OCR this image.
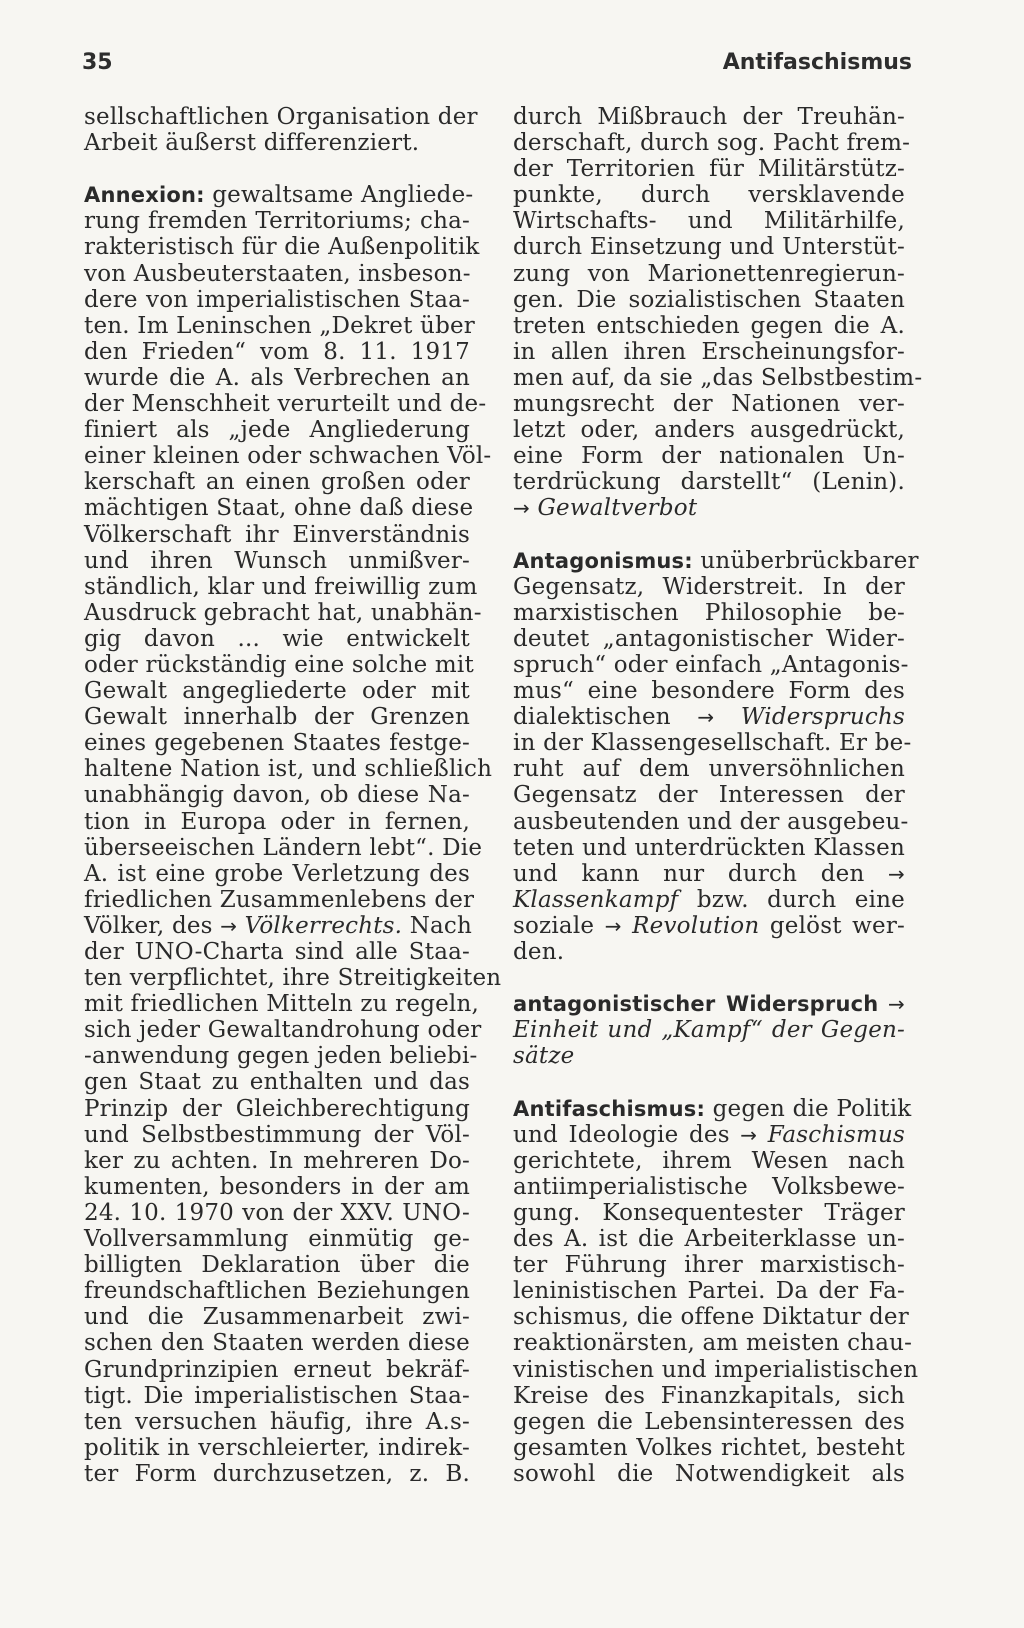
35	Antifaschismus
sellschaftlichen Organisation der
Arbeit äußerst differenziert.
Annexion: gewaltsame Angliede-
rung fremden Territoriums; cha-
rakteristisch für die Außenpolitik
von Ausbeuterstaaten, insbeson-
dere von imperialistischen Staa-
ten. Im Leninschen „Dekret über
den Frieden“ vom 8. 11. 1917
wurde die A. als Verbrechen an
der Menschheit verurteilt und de-
finiert als „jede Angliederung
einer kleinen oder schwachen Völ-
kerschaft an einen großen oder
mächtigen Staat, ohne daß diese
Völkerschaft ihr Einverständnis
und ihren Wunsch unmißver-
ständlich, klar und freiwillig zum
Ausdruck gebracht hat, unabhän-
gig davon ... wie entwickelt
oder rückständig eine solche mit
Gewalt angegliederte oder mit
Gewalt innerhalb der Grenzen
eines gegebenen Staates festge-
haltene Nation ist, und schließlich
unabhängig davon, ob diese Na-
tion in Europa oder in fernen,
überseeischen Ländern lebt“. Die
A. ist eine grobe Verletzung des
friedlichen Zusammenlebens der
Völker, des → Völkerrechts. Nach
der UNO-Charta sind alle Staa-
ten verpflichtet, ihre Streitigkeiten
mit friedlichen Mitteln zu regeln,
sich jeder Gewaltandrohung oder
-anwendung gegen jeden beliebi-
gen Staat zu enthalten und das
Prinzip der Gleichberechtigung
und Selbstbestimmung der Völ-
ker zu achten. In mehreren Do-
kumenten, besonders in der am
24. 10. 1970 von der XXV. UNO-
Vollversammlung einmütig ge-
billigten Deklaration über die
freundschaftlichen Beziehungen
und die Zusammenarbeit zwi-
schen den Staaten werden diese
Grundprinzipien erneut bekräf-
tigt. Die imperialistischen Staa-
ten versuchen häufig, ihre A.s-
politik in verschleierter, indirek-
ter Form durchzusetzen, z. B.
durch Mißbrauch der Treuhän-
derschaft, durch sog. Pacht frem-
der Territorien für Militärstütz-
punkte, durch versklavende
Wirtschafts- und Militärhilfe,
durch Einsetzung und Unterstüt-
zung von Marionettenregierun-
gen. Die sozialistischen Staaten
treten entschieden gegen die A.
in allen ihren Erscheinungsfor-
men auf, da sie „das Selbstbestim-
mungsrecht der Nationen ver-
letzt oder, anders ausgedrückt,
eine Form der nationalen Un-
terdrückung darstellt“ (Lenin).
→ Gewaltverbot
Antagonismus: unüberbrückbarer
Gegensatz, Widerstreit. In der
marxistischen Philosophie be-
deutet „antagonistischer Wider-
spruch“ oder einfach „Antagonis-
mus“ eine besondere Form des
dialektischen → Widerspruchs
in der Klassengesellschaft. Er be-
ruht auf dem unversöhnlichen
Gegensatz der Interessen der
ausbeutenden und der ausgebeu-
teten und unterdrückten Klassen
und kann nur durch den →
Klassenkampf bzw. durch eine
soziale → Revolution gelöst wer-
den.
antagonistischer Widerspruch →
Einheit und „Kampf“ der Gegen-
sätze
Antifaschismus: gegen die Politik
und Ideologie des → Faschismus
gerichtete, ihrem Wesen nach
antiimperialistische Volksbewe-
gung. Konsequentester Träger
des A. ist die Arbeiterklasse un-
ter Führung ihrer marxistisch-
leninistischen Partei. Da der Fa-
schismus, die offene Diktatur der
reaktionärsten, am meisten chau-
vinistischen und imperialistischen
Kreise des Finanzkapitals, sich
gegen die Lebensinteressen des
gesamten Volkes richtet, besteht
sowohl die Notwendigkeit als
